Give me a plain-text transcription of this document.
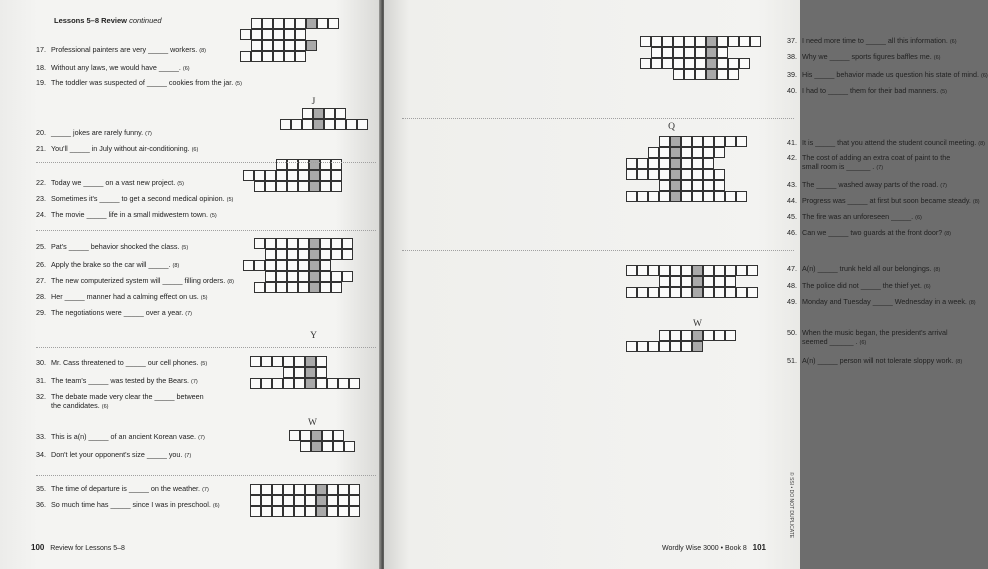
Lessons 5–8 Review continued
17. Professional painters are very _____ workers. (8)
18. Without any laws, we would have _____. (6)
19. The toddler was suspected of _____ cookies from the jar. (5)
20. _____ jokes are rarely funny. (7)
21. You'll _____ in July without air-conditioning. (6)
22. Today we _____ on a vast new project. (5)
23. Sometimes it's _____ to get a second medical opinion. (5)
24. The movie _____ life in a small midwestern town. (5)
25. Pat's _____ behavior shocked the class. (5)
26. Apply the brake so the car will _____. (8)
27. The new computerized system will _____ filling orders. (8)
28. Her _____ manner had a calming effect on us. (5)
29. The negotiations were _____ over a year. (7)
30. Mr. Cass threatened to _____ our cell phones. (5)
31. The team's _____ was tested by the Bears. (7)
32. The debate made very clear the _____ between
the candidates. (6)
33. This is a(n) _____ of an ancient Korean vase. (7)
34. Don't let your opponent's size _____ you. (7)
35. The time of departure is _____ on the weather. (7)
36. So much time has _____ since I was in preschool. (6)
J
Y
W
100 Review for Lessons 5–8
37. I need more time to _____ all this information. (6)
38. Why we _____ sports figures baffles me. (6)
39. His _____ behavior made us question his state of mind. (6)
40. I had to _____ them for their bad manners. (5)
41. It is _____ that you attend the student council meeting. (8)
42. The cost of adding an extra coat of paint to the
small room is ______ . (7)
43. The _____ washed away parts of the road. (7)
44. Progress was _____ at first but soon became steady. (8)
45. The fire was an unforeseen _____. (6)
46. Can we _____ two guards at the front door? (8)
47. A(n) _____ trunk held all our belongings. (8)
48. The police did not _____ the thief yet. (6)
49. Monday and Tuesday _____ Wednesday in a week. (8)
50. When the music began, the president's arrival
seemed ______ . (6)
51. A(n) _____ person will not tolerate sloppy work. (8)
Q
W
Wordly Wise 3000 • Book 8 101
© SSI • DO NOT DUPLICATE
